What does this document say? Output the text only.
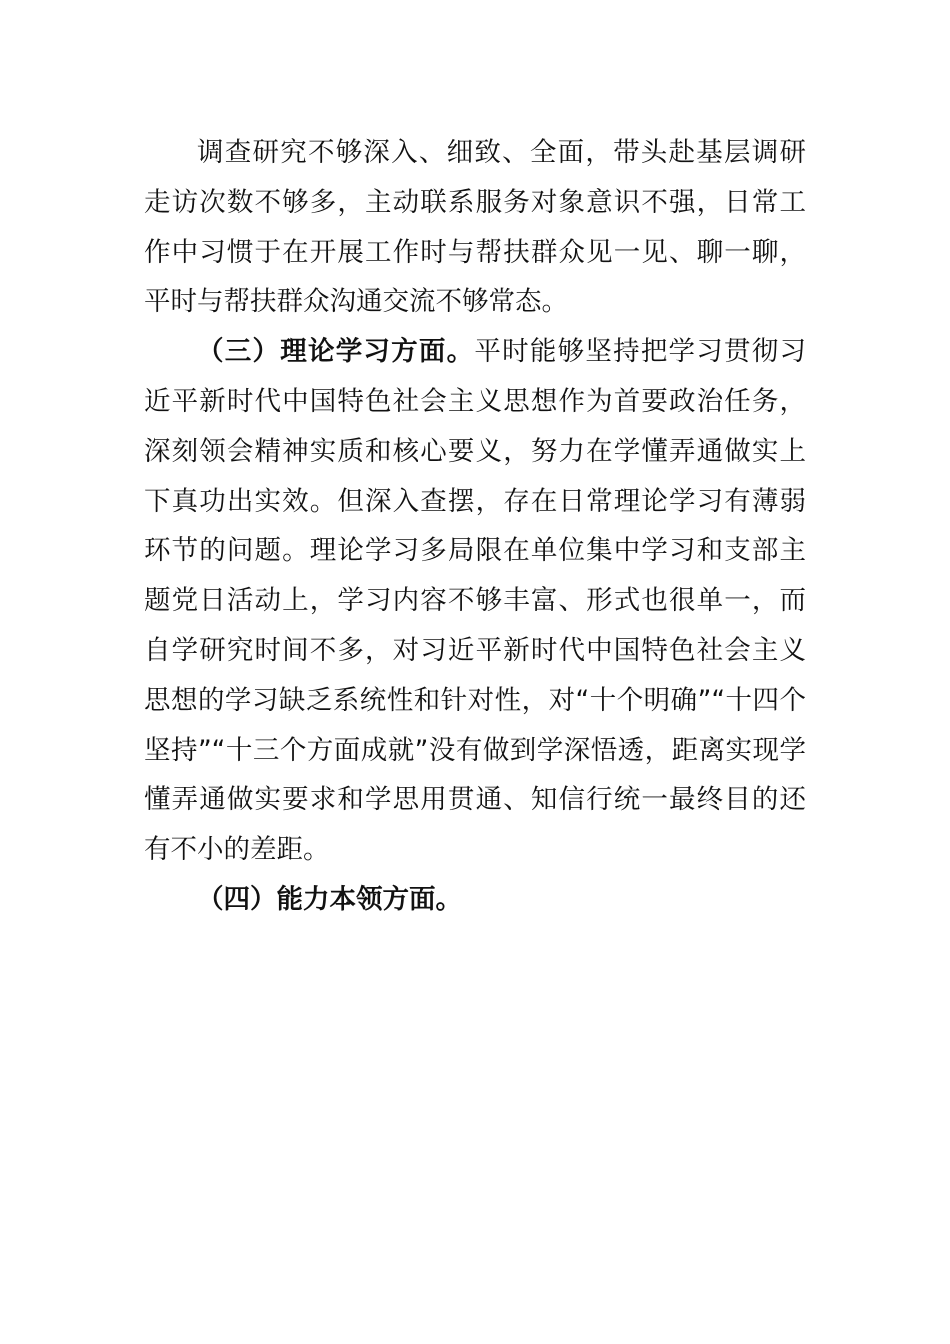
调查研究不够深入、细致、全面，带头赴基层调研走访次数不够多，主动联系服务对象意识不强，日常工作中习惯于在开展工作时与帮扶群众见一见、聊一聊，平时与帮扶群众沟通交流不够常态。

（三）理论学习方面。平时能够坚持把学习贯彻习近平新时代中国特色社会主义思想作为首要政治任务，深刻领会精神实质和核心要义，努力在学懂弄通做实上下真功出实效。但深入查摆，存在日常理论学习有薄弱环节的问题。理论学习多局限在单位集中学习和支部主题党日活动上，学习内容不够丰富、形式也很单一，而自学研究时间不多，对习近平新时代中国特色社会主义思想的学习缺乏系统性和针对性，对“十个明确”“十四个坚持”“十三个方面成就”没有做到学深悟透，距离实现学懂弄通做实要求和学思用贯通、知信行统一最终目的还有不小的差距。

（四）能力本领方面。
